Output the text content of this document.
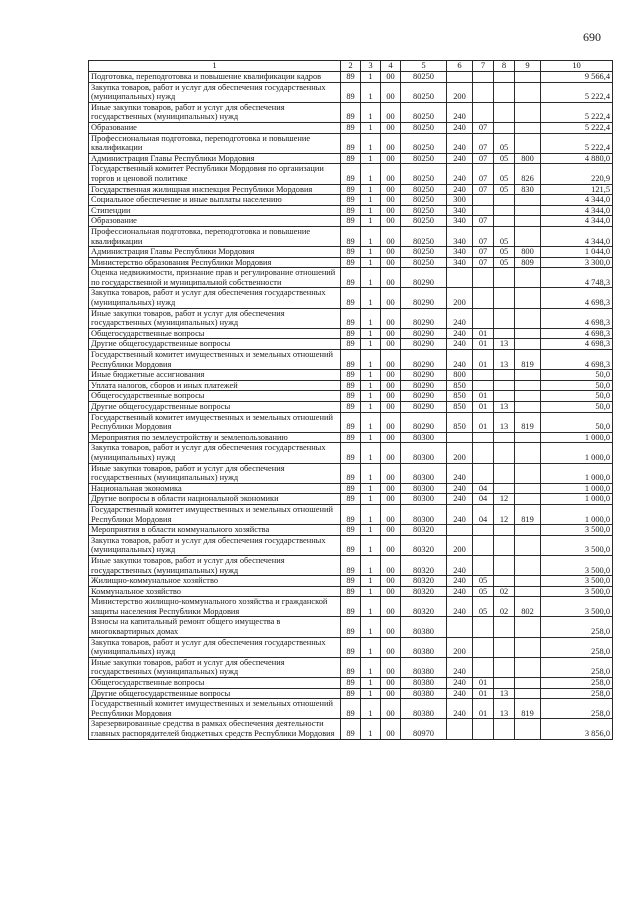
690
1	2	3	4	5	6	7	8	9	10
Подготовка, переподготовка и повышение квалификации кадров	89	1	00	80250					9 566,4
Закупка товаров, работ и услуг для обеспечения государственных (муниципальных) нужд	89	1	00	80250	200				5 222,4
Иные закупки товаров, работ и услуг для обеспечения государственных (муниципальных) нужд	89	1	00	80250	240				5 222,4
Образование	89	1	00	80250	240	07			5 222,4
Профессиональная подготовка, переподготовка и повышение квалификации	89	1	00	80250	240	07	05		5 222,4
Администрация Главы Республики Мордовия	89	1	00	80250	240	07	05	800	4 880,0
Государственный комитет Республики Мордовия по организации торгов и ценовой политике	89	1	00	80250	240	07	05	826	220,9
Государственная жилищная инспекция Республики Мордовия	89	1	00	80250	240	07	05	830	121,5
Социальное обеспечение и иные выплаты населению	89	1	00	80250	300				4 344,0
Стипендии	89	1	00	80250	340				4 344,0
Образование	89	1	00	80250	340	07			4 344,0
Профессиональная подготовка, переподготовка и повышение квалификации	89	1	00	80250	340	07	05		4 344,0
Администрация Главы Республики Мордовия	89	1	00	80250	340	07	05	800	1 044,0
Министерство образования Республики Мордовия	89	1	00	80250	340	07	05	809	3 300,0
Оценка недвижимости, признание прав и регулирование отношений по государственной и муниципальной собственности	89	1	00	80290					4 748,3
Закупка товаров, работ и услуг для обеспечения государственных (муниципальных) нужд	89	1	00	80290	200				4 698,3
Иные закупки товаров, работ и услуг для обеспечения государственных (муниципальных) нужд	89	1	00	80290	240				4 698,3
Общегосударственные вопросы	89	1	00	80290	240	01			4 698,3
Другие общегосударственные вопросы	89	1	00	80290	240	01	13		4 698,3
Государственный комитет имущественных и земельных отношений Республики Мордовия	89	1	00	80290	240	01	13	819	4 698,3
Иные бюджетные ассигнования	89	1	00	80290	800				50,0
Уплата налогов, сборов и иных платежей	89	1	00	80290	850				50,0
Общегосударственные вопросы	89	1	00	80290	850	01			50,0
Другие общегосударственные вопросы	89	1	00	80290	850	01	13		50,0
Государственный комитет имущественных и земельных отношений Республики Мордовия	89	1	00	80290	850	01	13	819	50,0
Мероприятия по землеустройству и землепользованию	89	1	00	80300					1 000,0
Закупка товаров, работ и услуг для обеспечения государственных (муниципальных) нужд	89	1	00	80300	200				1 000,0
Иные закупки товаров, работ и услуг для обеспечения государственных (муниципальных) нужд	89	1	00	80300	240				1 000,0
Национальная экономика	89	1	00	80300	240	04			1 000,0
Другие вопросы в области национальной экономики	89	1	00	80300	240	04	12		1 000,0
Государственный комитет имущественных и земельных отношений Республики Мордовия	89	1	00	80300	240	04	12	819	1 000,0
Мероприятия в области коммунального хозяйства	89	1	00	80320					3 500,0
Закупка товаров, работ и услуг для обеспечения государственных (муниципальных) нужд	89	1	00	80320	200				3 500,0
Иные закупки товаров, работ и услуг для обеспечения государственных (муниципальных) нужд	89	1	00	80320	240				3 500,0
Жилищно-коммунальное хозяйство	89	1	00	80320	240	05			3 500,0
Коммунальное хозяйство	89	1	00	80320	240	05	02		3 500,0
Министерство жилищно-коммунального хозяйства и гражданской защиты населения Республики Мордовия	89	1	00	80320	240	05	02	802	3 500,0
Взносы на капитальный ремонт общего имущества в многоквартирных домах	89	1	00	80380					258,0
Закупка товаров, работ и услуг для обеспечения государственных (муниципальных) нужд	89	1	00	80380	200				258,0
Иные закупки товаров, работ и услуг для обеспечения государственных (муниципальных) нужд	89	1	00	80380	240				258,0
Общегосударственные вопросы	89	1	00	80380	240	01			258,0
Другие общегосударственные вопросы	89	1	00	80380	240	01	13		258,0
Государственный комитет имущественных и земельных отношений Республики Мордовия	89	1	00	80380	240	01	13	819	258,0
Зарезервированные средства в рамках обеспечения деятельности главных распорядителей бюджетных средств Республики Мордовия	89	1	00	80970					3 856,0
